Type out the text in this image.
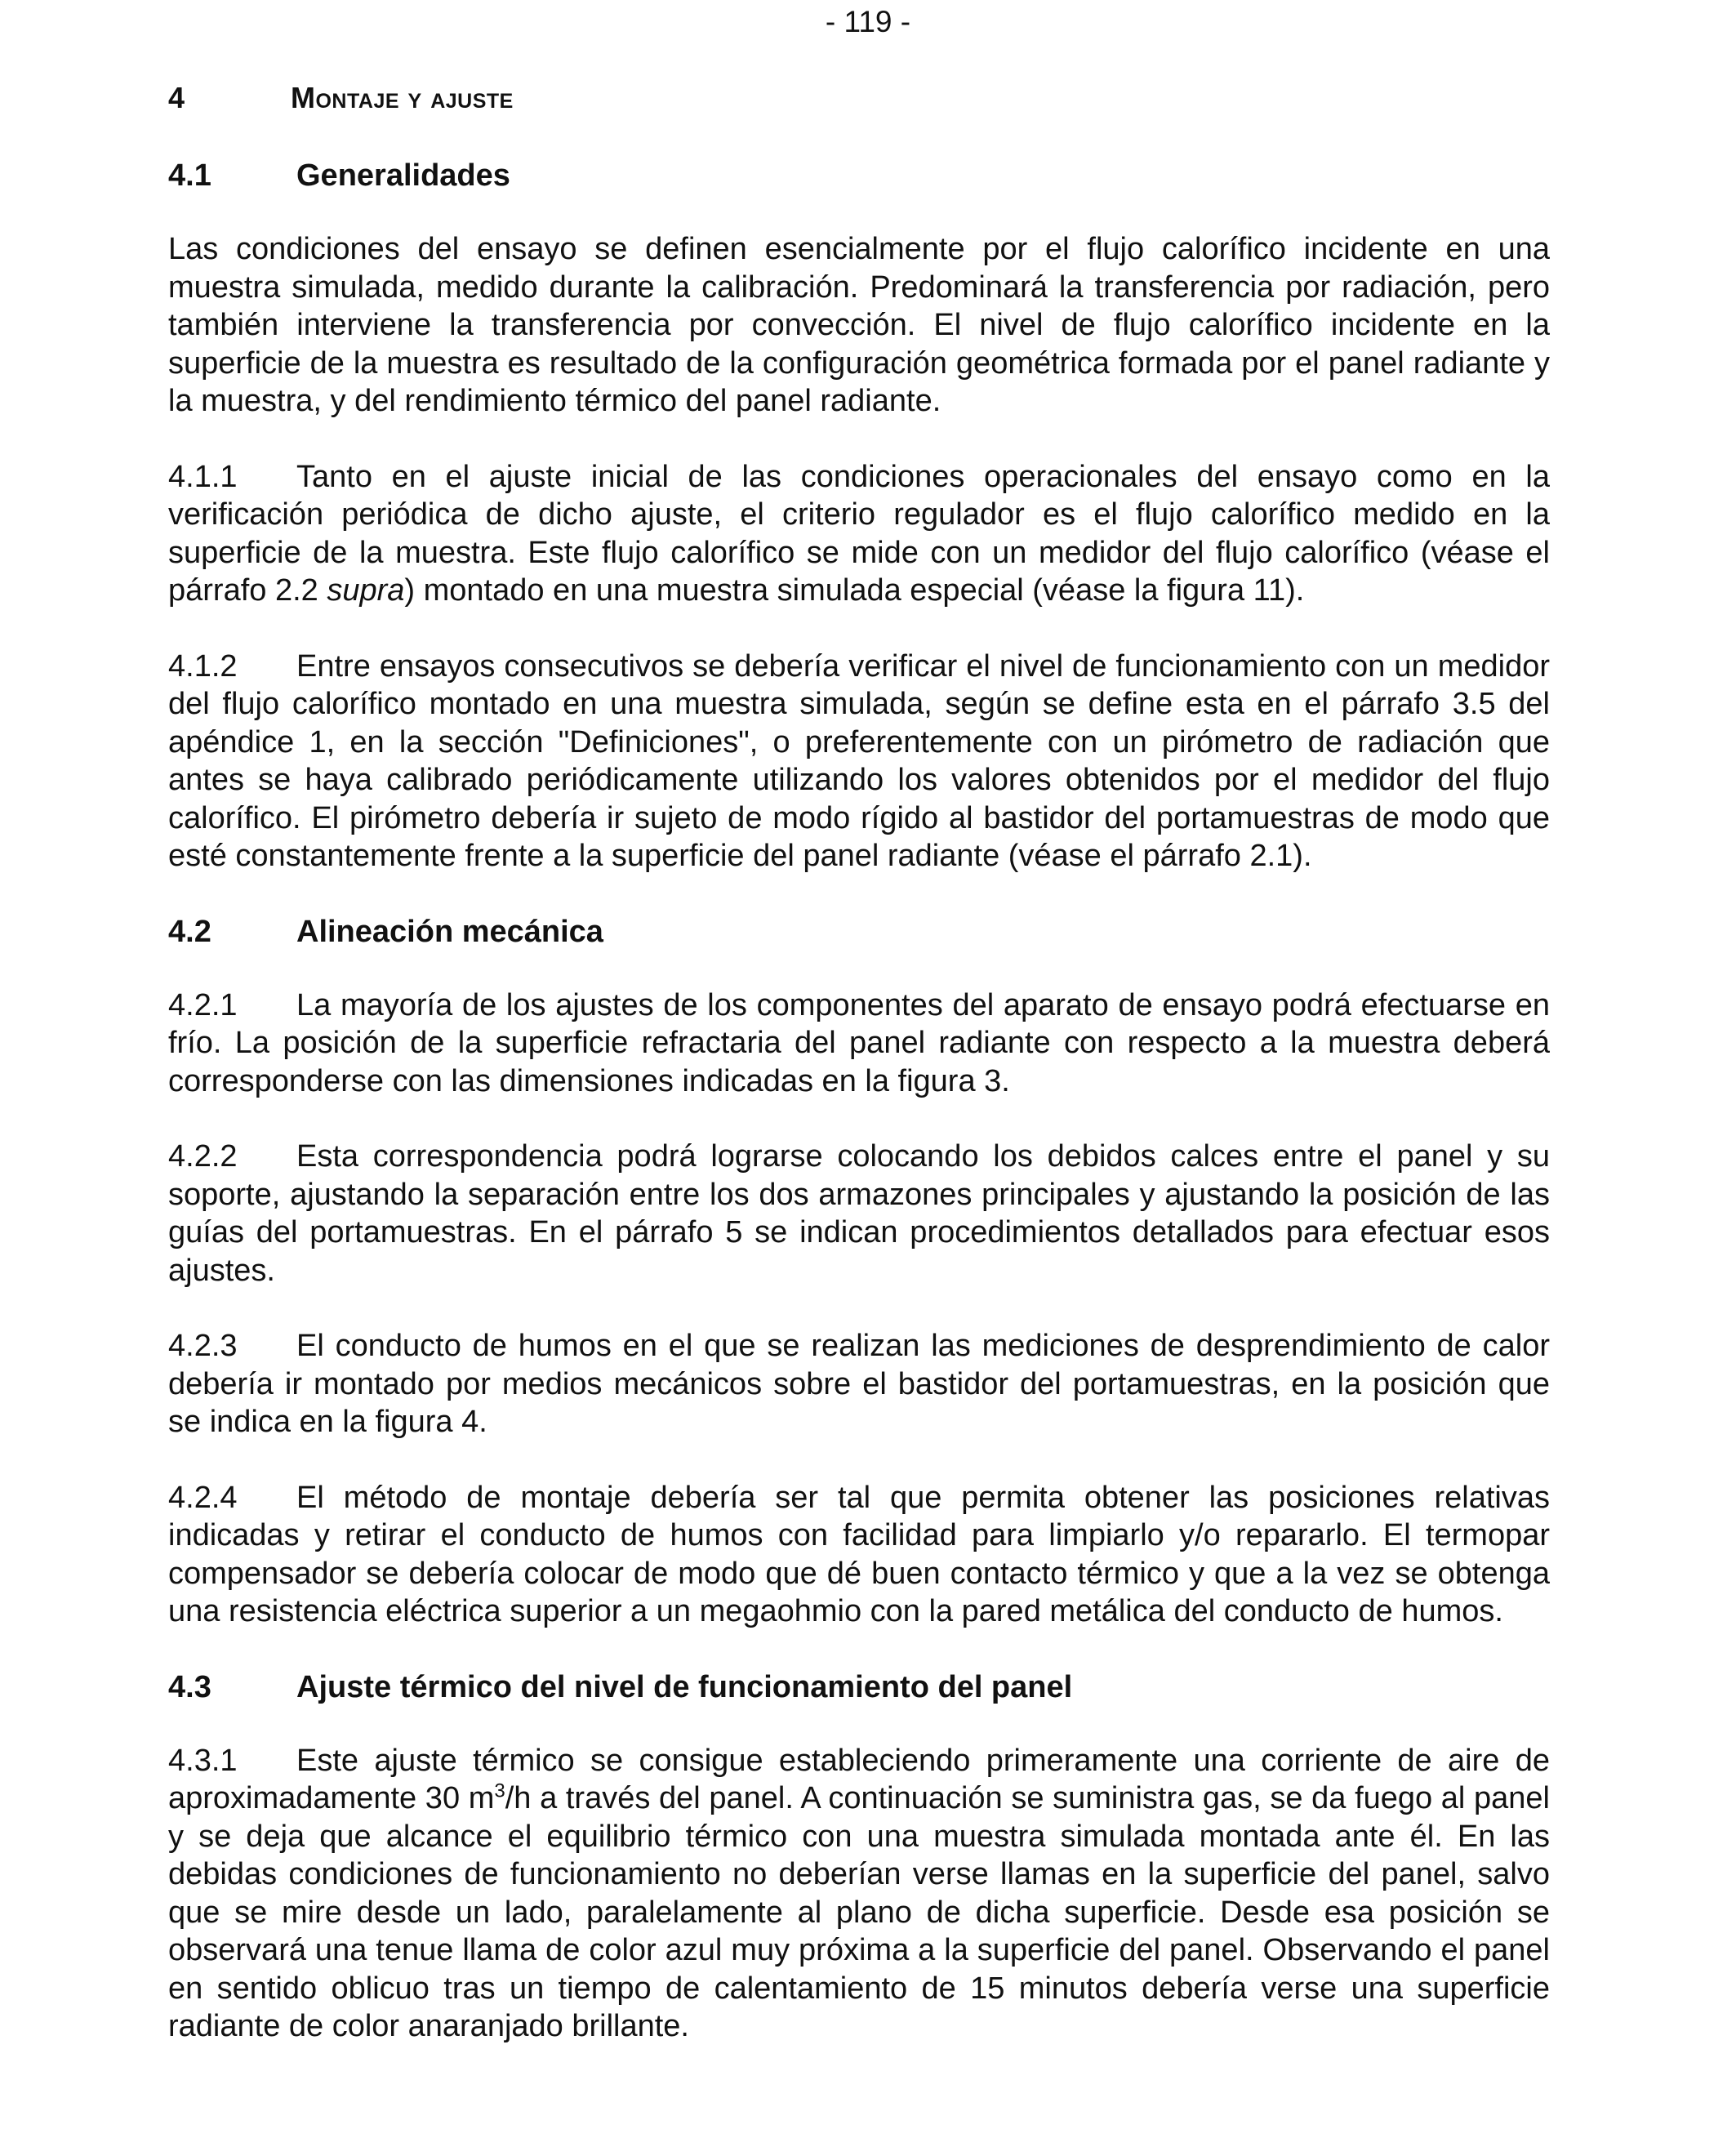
- 119 -
4	Montaje y ajuste
4.1	Generalidades

Las condiciones del ensayo se definen esencialmente por el flujo calorífico incidente en una muestra simulada, medido durante la calibración. Predominará la transferencia por radiación, pero también interviene la transferencia por convección. El nivel de flujo calorífico incidente en la superficie de la muestra es resultado de la configuración geométrica formada por el panel radiante y la muestra, y del rendimiento térmico del panel radiante.

4.1.1 Tanto en el ajuste inicial de las condiciones operacionales del ensayo como en la verificación periódica de dicho ajuste, el criterio regulador es el flujo calorífico medido en la superficie de la muestra. Este flujo calorífico se mide con un medidor del flujo calorífico (véase el párrafo 2.2 supra) montado en una muestra simulada especial (véase la figura 11).

4.1.2 Entre ensayos consecutivos se debería verificar el nivel de funcionamiento con un medidor del flujo calorífico montado en una muestra simulada, según se define esta en el párrafo 3.5 del apéndice 1, en la sección "Definiciones", o preferentemente con un pirómetro de radiación que antes se haya calibrado periódicamente utilizando los valores obtenidos por el medidor del flujo calorífico. El pirómetro debería ir sujeto de modo rígido al bastidor del portamuestras de modo que esté constantemente frente a la superficie del panel radiante (véase el párrafo 2.1).

4.2	Alineación mecánica

4.2.1 La mayoría de los ajustes de los componentes del aparato de ensayo podrá efectuarse en frío. La posición de la superficie refractaria del panel radiante con respecto a la muestra deberá corresponderse con las dimensiones indicadas en la figura 3.

4.2.2 Esta correspondencia podrá lograrse colocando los debidos calces entre el panel y su soporte, ajustando la separación entre los dos armazones principales y ajustando la posición de las guías del portamuestras. En el párrafo 5 se indican procedimientos detallados para efectuar esos ajustes.

4.2.3 El conducto de humos en el que se realizan las mediciones de desprendimiento de calor debería ir montado por medios mecánicos sobre el bastidor del portamuestras, en la posición que se indica en la figura 4.

4.2.4 El método de montaje debería ser tal que permita obtener las posiciones relativas indicadas y retirar el conducto de humos con facilidad para limpiarlo y/o repararlo. El termopar compensador se debería colocar de modo que dé buen contacto térmico y que a la vez se obtenga una resistencia eléctrica superior a un megaohmio con la pared metálica del conducto de humos.

4.3	Ajuste térmico del nivel de funcionamiento del panel

4.3.1 Este ajuste térmico se consigue estableciendo primeramente una corriente de aire de aproximadamente 30 $m^3/h$ a través del panel. A continuación se suministra gas, se da fuego al panel y se deja que alcance el equilibrio térmico con una muestra simulada montada ante él. En las debidas condiciones de funcionamiento no deberían verse llamas en la superficie del panel, salvo que se mire desde un lado, paralelamente al plano de dicha superficie. Desde esa posición se observará una tenue llama de color azul muy próxima a la superficie del panel. Observando el panel en sentido oblicuo tras un tiempo de calentamiento de 15 minutos debería verse una superficie radiante de color anaranjado brillante.
